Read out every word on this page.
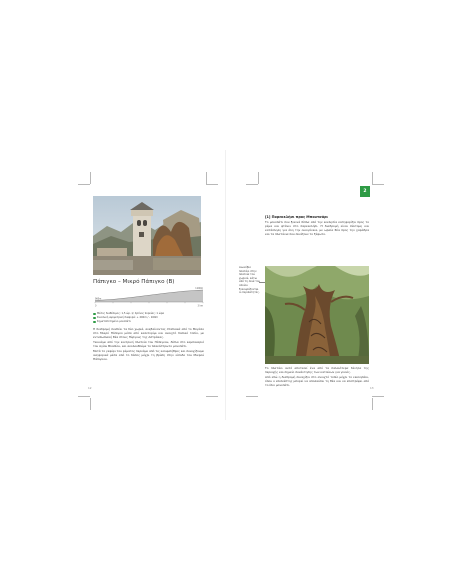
Πάπιγκο – Μικρό Πάπιγκο (Β)
0	3 km
960m
1100m
Μέσος διαθέσιμος: 1,5 ώρ. ⦿ Χρόνος πορείας: 1 ώρα
Συνολική υψομετρική διαφορά: + 200m / - 160m
Σηματοδοτημένο μονοπάτι

Η διαδρομή συνδέει τα δύο χωριά, ανεβαίνοντας σταδιακά από το Μεγάλο στο Μικρό Πάπιγκο μέσα από καλντερίμι και ανοιχτό δασικό τοπίο, με εντυπωσιακή θέα στους Πύργους της Αστράκας.

Ξεκινάμε από την κεντρική πλατεία του Πάπιγκου, δίπλα στο καμπαναριό του Αγίου Βλασίου, και ακολουθούμε το πλακόστρωτο μονοπάτι.

Μετά το γεφύρι του ρέματος περνάμε από τις κολυμπήθρες και συνεχίζουμε ανηφορικά μέσα από το δάσος μέχρι τη βρύση στην είσοδο του Μικρού Πάπιγκου.

12
2
[1] Παρεκκλήσι προς Μπουτσάρι

Το μονοπάτι που ξεκινά δίπλα από την εκκλησία κατηφορίζει προς το ρέμα και φτάνει στο παρεκκλήσι. Η διαδρομή είναι σύντομη και κατάλληλη για όλη την οικογένεια, με ωραία θέα προς την χαράδρα και τα πλατάνια που σκιάζουν το ξέφωτο.

Αιωνόβιο πλατάνι στην πλατεία του χωριού, κάτω από τη σκιά του οποίου ξεκουράζονται οι περιπατητές.

Το πλατάνι αυτό αποτελεί ένα από τα παλαιότερα δέντρα της περιοχής και σημείο συνάντησης των κατοίκων για γενιές.

Από εδώ η διαδρομή συνεχίζει στο ανοιχτό τοπίο μέχρι το εκκλησάκι, όπου ο επισκέπτης μπορεί να απολαύσει τη θέα και να επιστρέψει από το ίδιο μονοπάτι.

13
